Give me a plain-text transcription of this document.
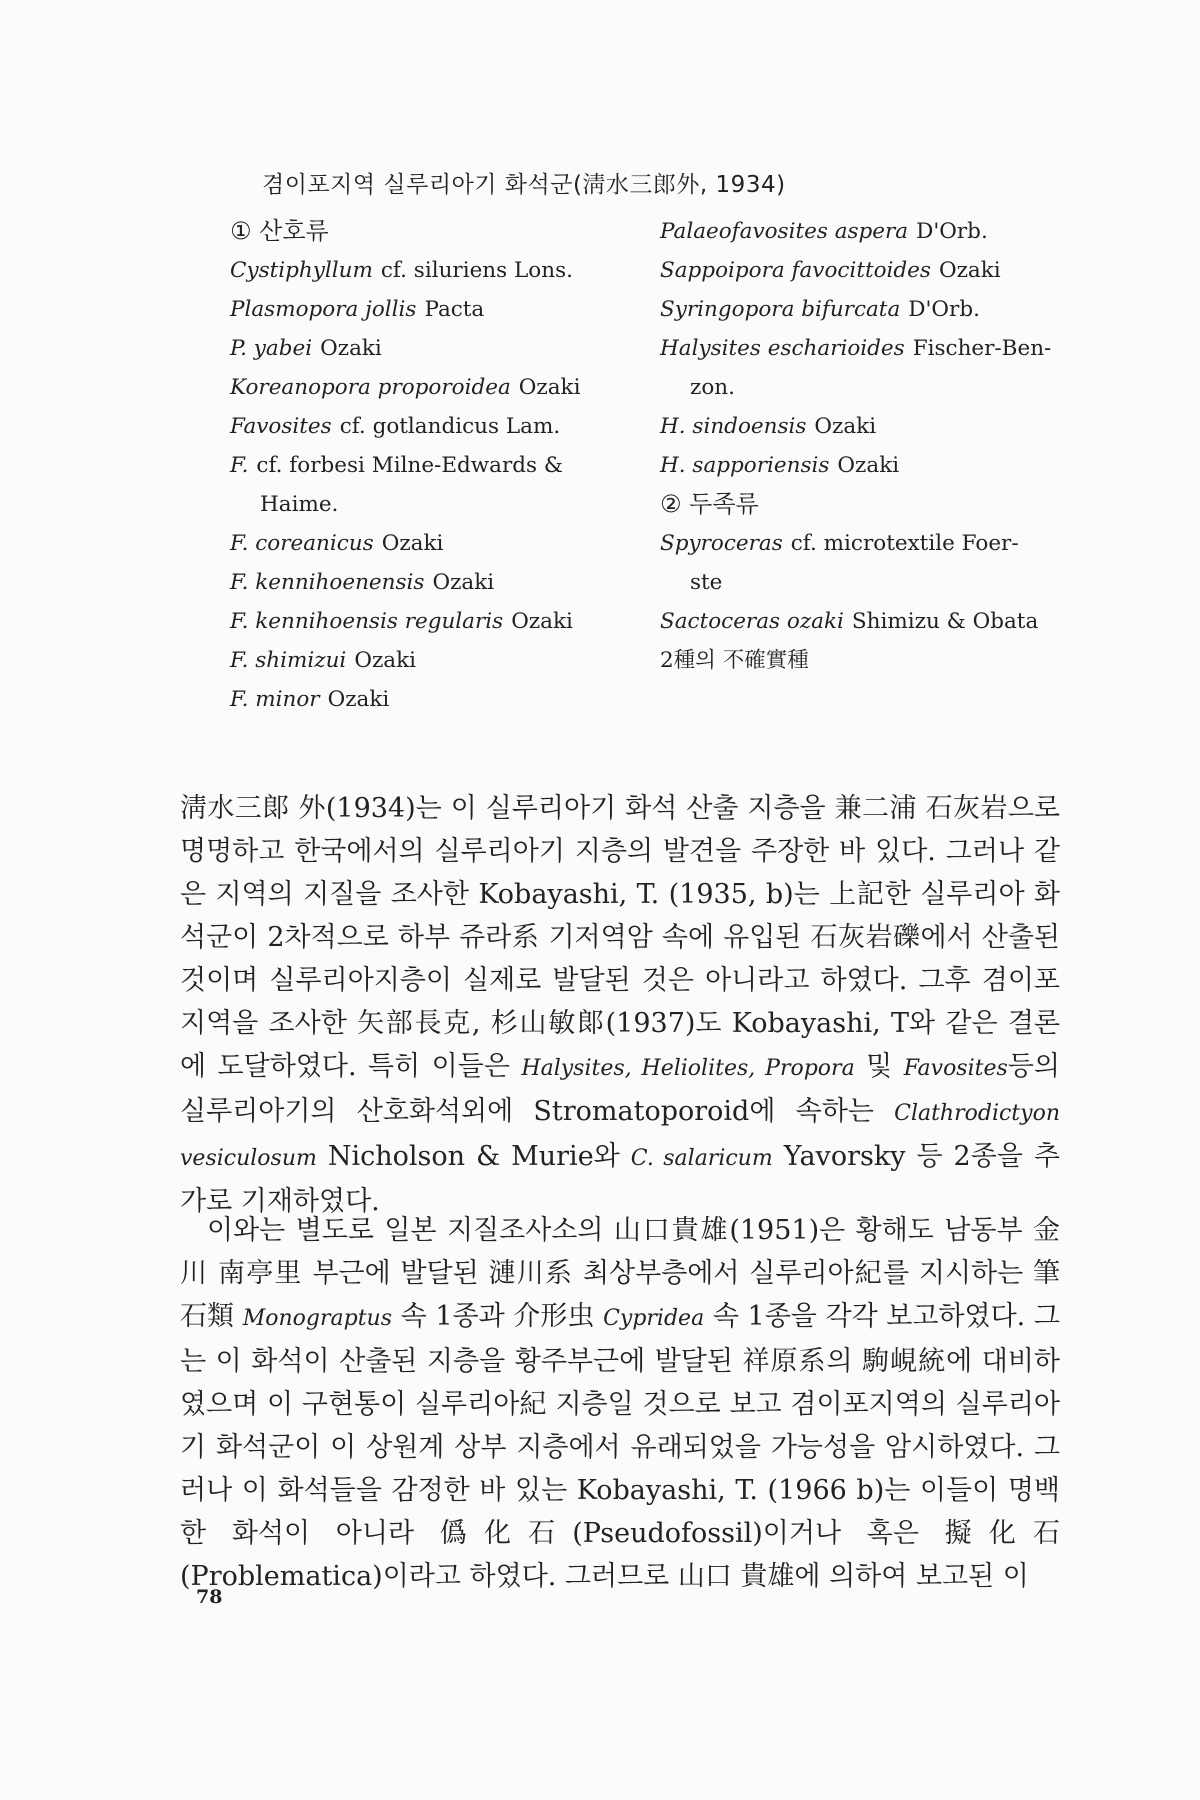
겸이포지역 실루리아기 화석군(淸水三郎外, 1934)
① 산호류
Cystiphyllum cf. siluriens Lons.
Plasmopora jollis Pacta
P. yabei Ozaki
Koreanopora proporoidea Ozaki
Favosites cf. gotlandicus Lam.
F. cf. forbesi Milne-Edwards &
Haime.
F. coreanicus Ozaki
F. kennihoenensis Ozaki
F. kennihoensis regularis Ozaki
F. shimizui Ozaki
F. minor Ozaki
Palaeofavosites aspera D'Orb.
Sappoipora favocittoides Ozaki
Syringopora bifurcata D'Orb.
Halysites escharioides Fischer-Ben-
zon.
H. sindoensis Ozaki
H. sapporiensis Ozaki
② 두족류
Spyroceras cf. microtextile Foer-
ste
Sactoceras ozaki Shimizu & Obata
2種의 不確實種

淸水三郞 外(1934)는 이 실루리아기 화석 산출 지층을 兼二浦 石灰岩으로 명명하고 한국에서의 실루리아기 지층의 발견을 주장한 바 있다. 그러나 같은 지역의 지질을 조사한 Kobayashi, T. (1935, b)는 上記한 실루리아 화석군이 2차적으로 하부 쥬라系 기저역암 속에 유입된 石灰岩礫에서 산출된 것이며 실루리아지층이 실제로 발달된 것은 아니라고 하였다. 그후 겸이포지역을 조사한 矢部長克, 杉山敏郞(1937)도 Kobayashi, T와 같은 결론에 도달하였다. 특히 이들은 Halysites, Heliolites, Propora 및 Favosites등의 실루리아기의 산호화석외에 Stromatoporoid에 속하는 Clathrodictyon vesiculosum Nicholson & Murie와 C. salaricum Yavorsky 등 2종을 추가로 기재하였다.

이와는 별도로 일본 지질조사소의 山口貴雄(1951)은 황해도 남동부 金川 南亭里 부근에 발달된 漣川系 최상부층에서 실루리아紀를 지시하는 筆石類 Monograptus 속 1종과 介形虫 Cypridea 속 1종을 각각 보고하였다. 그는 이 화석이 산출된 지층을 황주부근에 발달된 祥原系의 駒峴統에 대비하였으며 이 구현통이 실루리아紀 지층일 것으로 보고 겸이포지역의 실루리아기 화석군이 이 상원계 상부 지층에서 유래되었을 가능성을 암시하였다. 그러나 이 화석들을 감정한 바 있는 Kobayashi, T. (1966 b)는 이들이 명백한 화석이 아니라 僞化石(Pseudofossil)이거나 혹은 擬化石(Problematica)이라고 하였다. 그러므로 山口 貴雄에 의하여 보고된 이

78
